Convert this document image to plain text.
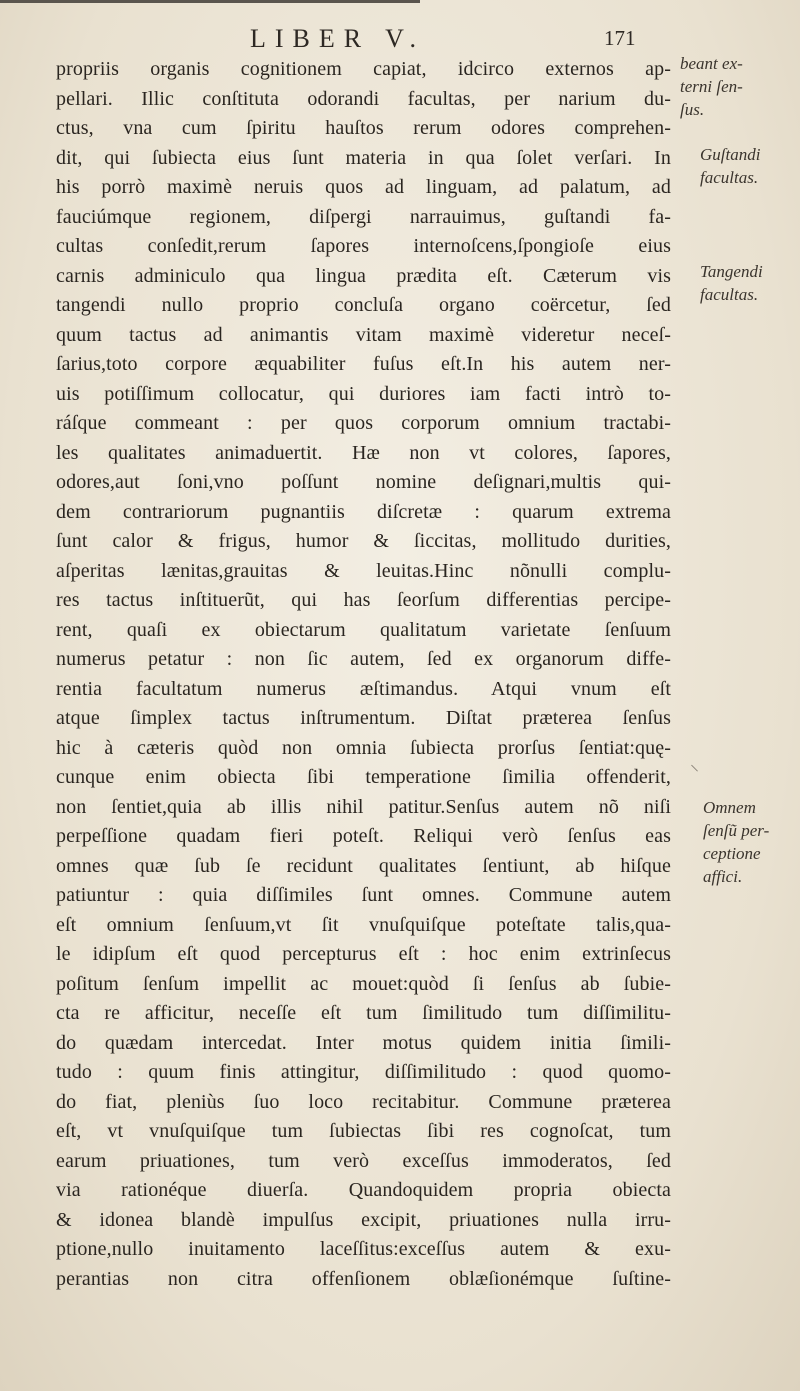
LIBER V.	171
propriis organis cognitionem capiat, idcirco externos ap-
pellari. Illic conſtituta odorandi facultas, per narium du-
ctus, vna cum ſpiritu hauſtos rerum odores comprehen-
dit, qui ſubiecta eius ſunt materia in qua ſolet verſari. In
his porrò maximè neruis quos ad linguam, ad palatum, ad
fauciúmque regionem, diſpergi narrauimus, guſtandi fa-
cultas conſedit,rerum ſapores internoſcens,ſpongioſe eius
carnis adminiculo qua lingua prædita eſt. Cæterum vis
tangendi nullo proprio concluſa organo coërcetur, ſed
quum tactus ad animantis vitam maximè videretur neceſ-
ſarius,toto corpore æquabiliter fuſus eſt.In his autem ner-
uis potiſſimum collocatur, qui duriores iam facti intrò to-
ráſque commeant : per quos corporum omnium tractabi-
les qualitates animaduertit. Hæ non vt colores, ſapores,
odores,aut ſoni,vno poſſunt nomine deſignari,multis qui-
dem contrariorum pugnantiis diſcretæ : quarum extrema
ſunt calor & frigus, humor & ſiccitas, mollitudo durities,
aſperitas lænitas,grauitas & leuitas.Hinc nõnulli complu-
res tactus inſtituerũt, qui has ſeorſum differentias percipe-
rent, quaſi ex obiectarum qualitatum varietate ſenſuum
numerus petatur : non ſic autem, ſed ex organorum diffe-
rentia facultatum numerus æſtimandus. Atqui vnum eſt
atque ſimplex tactus inſtrumentum. Diſtat præterea ſenſus
hic à cæteris quòd non omnia ſubiecta prorſus ſentiat:quę-
cunque enim obiecta ſibi temperatione ſimilia offenderit,
non ſentiet,quia ab illis nihil patitur.Senſus autem nõ niſi
perpeſſione quadam fieri poteſt. Reliqui verò ſenſus eas
omnes quæ ſub ſe recidunt qualitates ſentiunt, ab hiſque
patiuntur : quia diſſimiles ſunt omnes. Commune autem
eſt omnium ſenſuum,vt ſit vnuſquiſque poteſtate talis,qua-
le idipſum eſt quod percepturus eſt : hoc enim extrinſecus
poſitum ſenſum impellit ac mouet:quòd ſi ſenſus ab ſubie-
cta re afficitur, neceſſe eſt tum ſimilitudo tum diſſimilitu-
do quædam intercedat. Inter motus quidem initia ſimili-
tudo : quum finis attingitur, diſſimilitudo : quod quomo-
do fiat, pleniùs ſuo loco recitabitur. Commune præterea
eſt, vt vnuſquiſque tum ſubiectas ſibi res cognoſcat, tum
earum priuationes, tum verò exceſſus immoderatos, ſed
via rationéque diuerſa. Quandoquidem propria obiecta
& idonea blandè impulſus excipit, priuationes nulla irru-
ptione,nullo inuitamento laceſſitus:exceſſus autem & exu-
perantias non citra offenſionem oblæſionémque ſuſtine-
beant ex-
terni ſen-
ſus.
Guſtandi
facultas.
Tangendi
facultas.
Omnem
ſenſũ per-
ceptione
affici.
⸜
